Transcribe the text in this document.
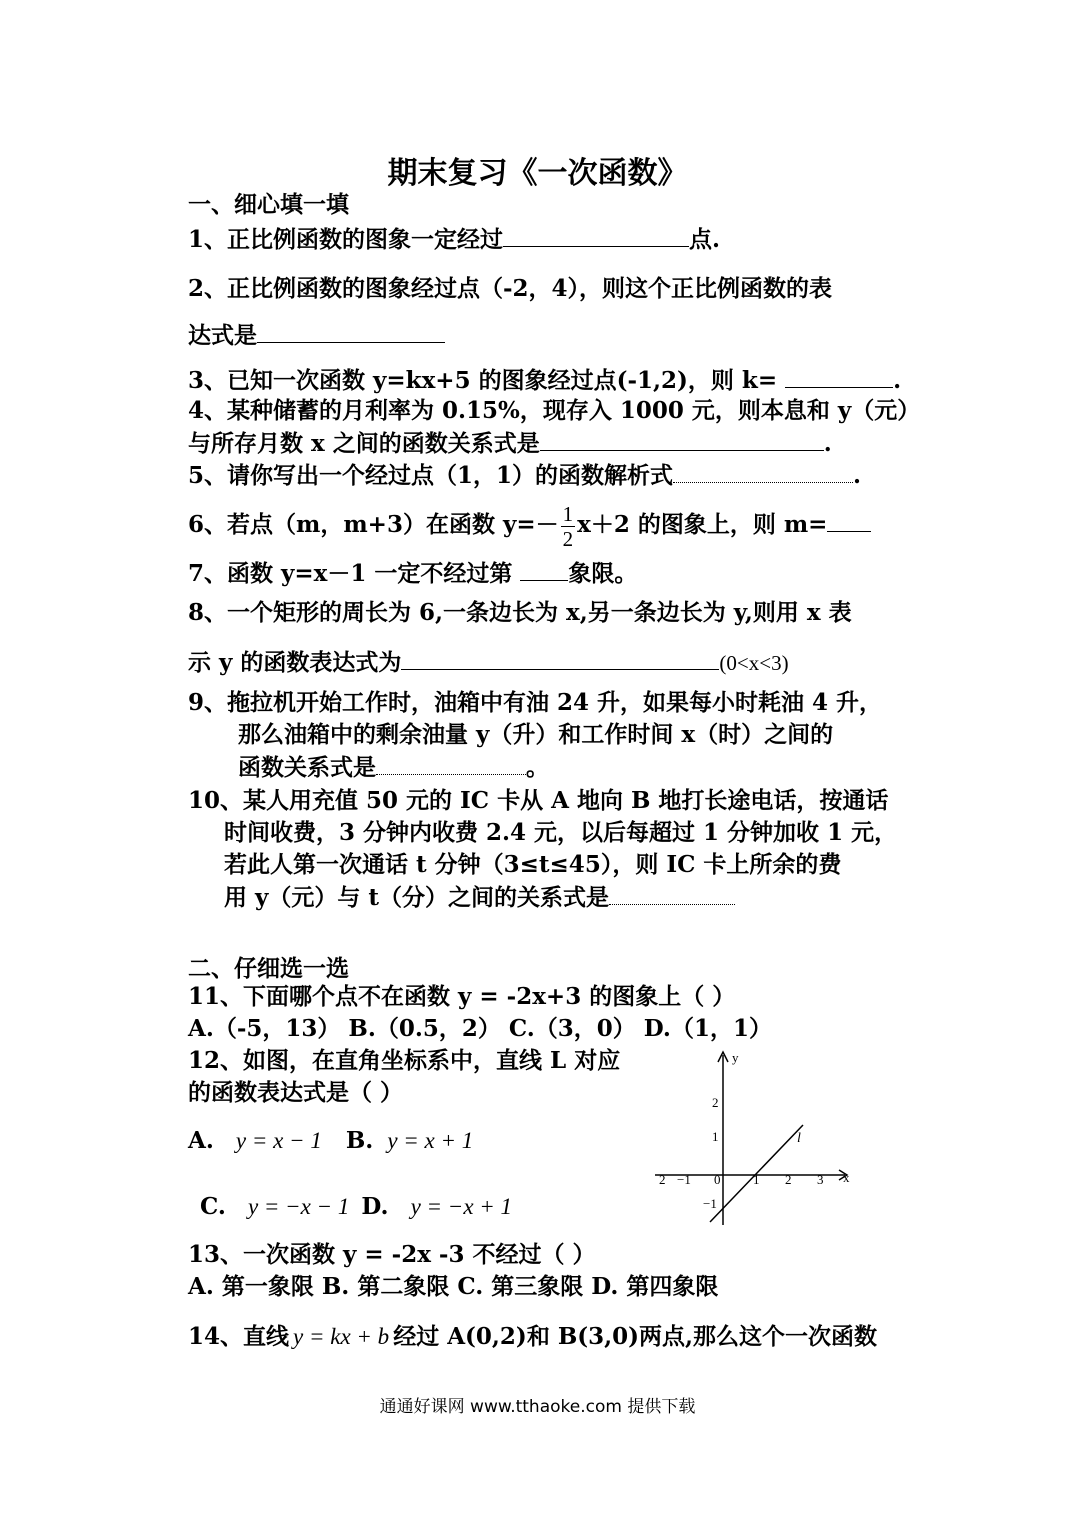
期末复习《一次函数》
一、细心填一填
1、正比例函数的图象一定经过	点.
2、正比例函数的图象经过点（-2，4），则这个正比例函数的表
达式是
3、已知一次函数 y=kx+5 的图象经过点(-1,2)，则 k=	.
4、某种储蓄的月利率为 0.15%，现存入 1000 元，则本息和 y（元）
与所存月数 x 之间的函数关系式是	.
5、请你写出一个经过点（1，1）的函数解析式	.
6、若点（m，m+3）在函数 $y=- \frac{1}{2} x+2$ 的图象上，则 m=
7、函数 y=x－1 一定不经过第 象限。
8、一个矩形的周长为 6,一条边长为 x,另一条边长为 y,则用 x 表
示 y 的函数表达式为	(0<x<3)
9、拖拉机开始工作时，油箱中有油 24 升，如果每小时耗油 4 升，
那么油箱中的剩余油量 y（升）和工作时间 x（时）之间的
函数关系式是	。
10、某人用充值 50 元的 IC 卡从 A 地向 B 地打长途电话，按通话
时间收费，3 分钟内收费 2.4 元，以后每超过 1 分钟加收 1 元，
若此人第一次通话 t 分钟（3≤t≤45），则 IC 卡上所余的费
用 y（元）与 t（分）之间的关系式是
二、仔细选一选
11、下面哪个点不在函数 y = -2x+3 的图象上（ ）
A.（-5，13） B.（0.5，2） C.（3，0） D.（1，1）
12、如图，在直角坐标系中，直线 L 对应
的函数表达式是（ ）
A. y = x − 1 B. y = x + 1
C. y = −x − 1 D. y = −x + 1
y
x
l
2 −1 0	1 2 3
2
1
−1
13、一次函数 y = -2x -3 不经过（ ）
A. 第一象限 B. 第二象限 C. 第三象限 D. 第四象限
14、直线 y = kx + b 经过 A(0,2)和 B(3,0)两点,那么这个一次函数
通通好课网 www.tthaoke.com 提供下载
